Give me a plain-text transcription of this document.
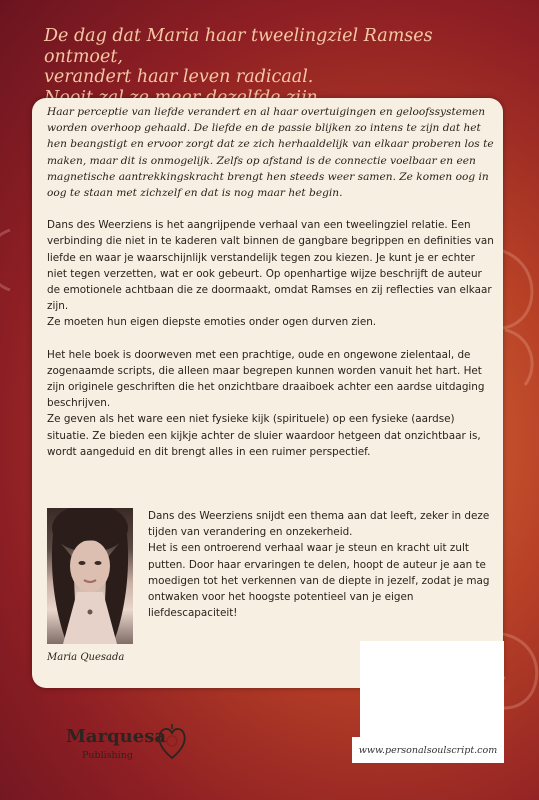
De dag dat Maria haar tweelingziel Ramses ontmoet,
verandert haar leven radicaal.

Haar perceptie van liefde verandert en al haar overtuigingen en geloofssystemen worden overhoop gehaald. De liefde en de passie blijken zo intens te zijn dat het hen beangstigt en ervoor zorgt dat ze zich herhaaldelijk van elkaar proberen los te maken, maar dit is onmogelijk. Zelfs op afstand is de connectie voelbaar en een magnetische aantrekkingskracht brengt hen steeds weer samen. Ze komen oog in oog te staan met zichzelf en dat is nog maar het begin.

Dans des Weerziens is het aangrijpende verhaal van een tweelingziel relatie. Een verbinding die niet in te kaderen valt binnen de gangbare begrippen en definities van liefde en waar je waarschijnlijk verstandelijk tegen zou kiezen. Je kunt je er echter niet tegen verzetten, wat er ook gebeurt. Op openhartige wijze beschrijft de auteur de emotionele achtbaan die ze doormaakt, omdat Ramses en zij reflecties van elkaar zijn.
Ze moeten hun eigen diepste emoties onder ogen durven zien.

Het hele boek is doorweven met een prachtige, oude en ongewone zielentaal, de zogenaamde scripts, die alleen maar begrepen kunnen worden vanuit het hart. Het zijn originele geschriften die het onzichtbare draaiboek achter een aardse uitdaging beschrijven.
Ze geven als het ware een niet fysieke kijk (spirituele) op een fysieke (aardse) situatie. Ze bieden een kijkje achter de sluier waardoor hetgeen dat onzichtbaar is, wordt aangeduid en dit brengt alles in een ruimer perspectief.

Maria Quesada
Dans des Weerziens snijdt een thema aan dat leeft, zeker in deze tijden van verandering en onzekerheid.
Het is een ontroerend verhaal waar je steun en kracht uit zult putten. Door haar ervaringen te delen, hoopt de auteur je aan te moedigen tot het verkennen van de diepte in jezelf, zodat je mag ontwaken voor het hoogste potentieel van je eigen liefdescapaciteit!
www.personalsoulscript.com
Marquesa
Publishing
